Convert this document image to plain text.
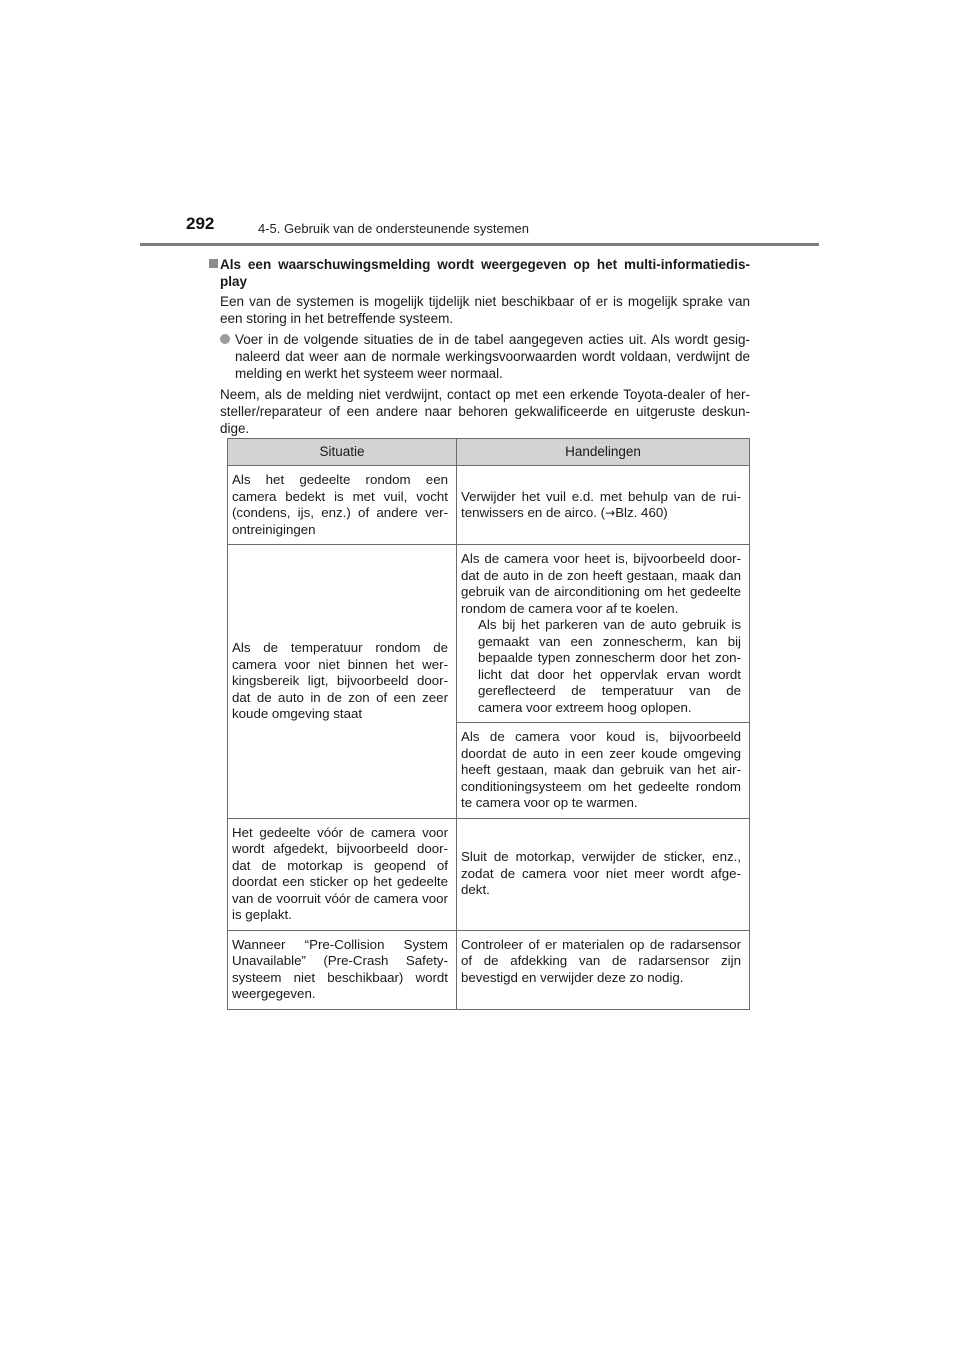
292	4-5. Gebruik van de ondersteunende systemen

Als een waarschuwingsmelding wordt weergegeven op het multi-informatiedis-play

Een van de systemen is mogelijk tijdelijk niet beschikbaar of er is mogelijk sprake van een storing in het betreffende systeem.

Voer in de volgende situaties de in de tabel aangegeven acties uit. Als wordt gesig-naleerd dat weer aan de normale werkingsvoorwaarden wordt voldaan, verdwijnt de melding en werkt het systeem weer normaal.

Neem, als de melding niet verdwijnt, contact op met een erkende Toyota-dealer of her-steller/reparateur of een andere naar behoren gekwalificeerde en uitgeruste deskun-dige.

Situatie	Handelingen
Als het gedeelte rondom een camera bedekt is met vuil, vocht (condens, ijs, enz.) of andere ver-ontreinigingen	Verwijder het vuil e.d. met behulp van de rui-tenwissers en de airco. (→Blz. 460)
Als de temperatuur rondom de camera voor niet binnen het wer-kingsbereik ligt, bijvoorbeeld door-dat de auto in de zon of een zeer koude omgeving staat	Als de camera voor heet is, bijvoorbeeld door-dat de auto in de zon heeft gestaan, maak dan gebruik van de airconditioning om het gedeelte rondom de camera voor af te koelen.
Als bij het parkeren van de auto gebruik is gemaakt van een zonnescherm, kan bij bepaalde typen zonnescherm door het zon-licht dat door het oppervlak ervan wordt gereflecteerd de temperatuur van de camera voor extreem hoog oplopen.

	Als de camera voor koud is, bijvoorbeeld doordat de auto in een zeer koude omgeving heeft gestaan, maak dan gebruik van het air-conditioningsysteem om het gedeelte rondom te camera voor op te warmen.
Het gedeelte vóór de camera voor wordt afgedekt, bijvoorbeeld door-dat de motorkap is geopend of doordat een sticker op het gedeelte van de voorruit vóór de camera voor is geplakt.	Sluit de motorkap, verwijder de sticker, enz., zodat de camera voor niet meer wordt afge-dekt.
Wanneer “Pre-Collision System Unavailable” (Pre-Crash Safety-systeem niet beschikbaar) wordt weergegeven.	Controleer of er materialen op de radarsensor of de afdekking van de radarsensor zijn bevestigd en verwijder deze zo nodig.
